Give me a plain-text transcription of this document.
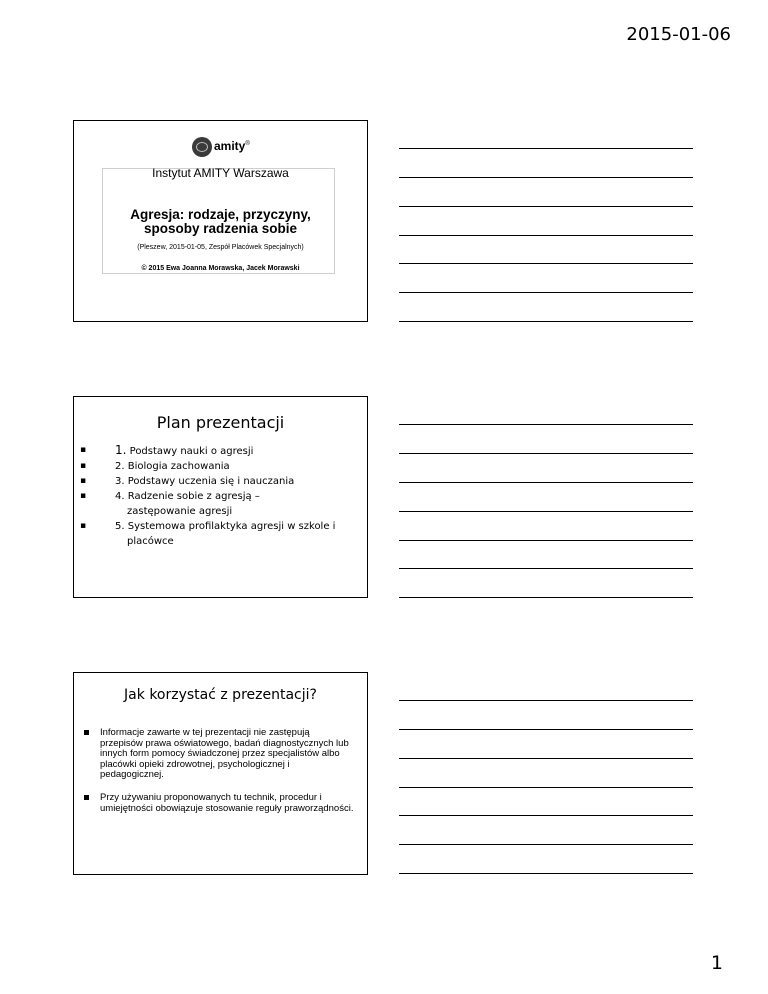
2015-01-06
amity®
Instytut AMITY Warszawa
Agresja: rodzaje, przyczyny,
sposoby radzenia sobie
(Pleszew, 2015-01-05, Zespół Placówek Specjalnych)
© 2015 Ewa Joanna Morawska, Jacek Morawski
Plan prezentacji
▪ 1. Podstawy nauki o agresji
▪	2. Biologia zachowania
▪	3. Podstawy uczenia się i nauczania
▪	4. Radzenie sobie z agresją –
zastępowanie agresji
▪	5. Systemowa profilaktyka agresji w szkole i
placówce
Jak korzystać z prezentacji?
Informacje zawarte w tej prezentacji nie zastępują przepisów prawa oświatowego, badań diagnostycznych lub innych form pomocy świadczonej przez specjalistów albo placówki opieki zdrowotnej, psychologicznej i pedagogicznej.
Przy używaniu proponowanych tu technik, procedur i umiejętności obowiązuje stosowanie reguły praworządności.
1
